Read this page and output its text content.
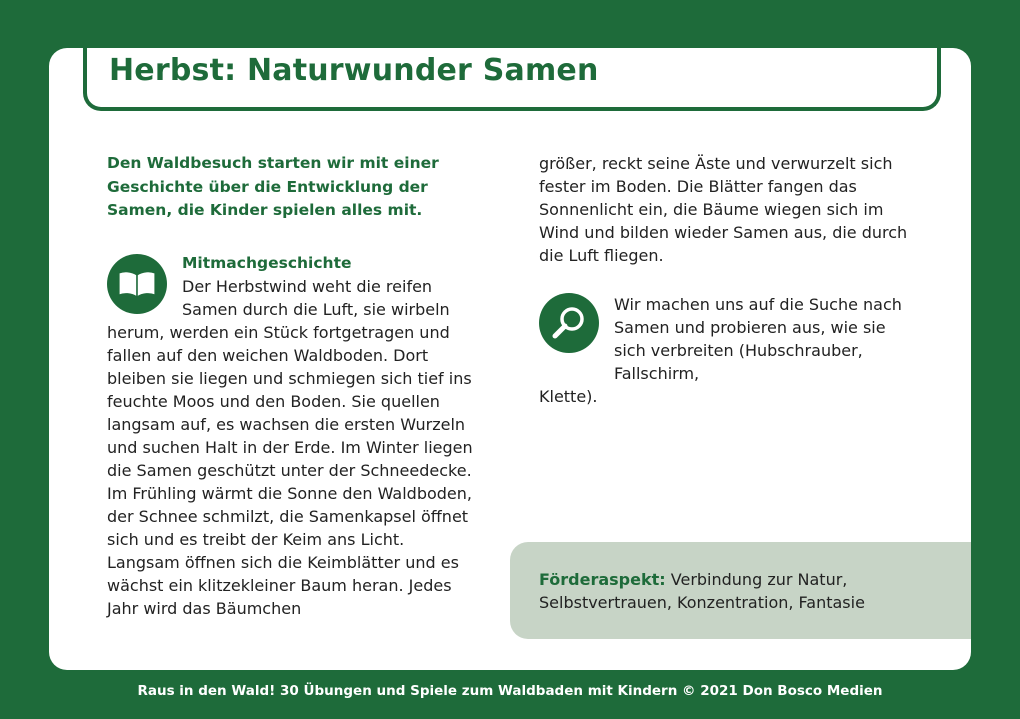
Herbst: Naturwunder Samen

Den Waldbesuch starten wir mit einer Geschichte über die Entwicklung der Samen, die Kinder spielen alles mit.

Mitmachgeschichte

Der Herbstwind weht die reifen Samen durch die Luft, sie wirbeln
herum, werden ein Stück fortgetragen und fallen auf den weichen Waldboden. Dort bleiben sie liegen und schmiegen sich tief ins feuchte Moos und den Boden. Sie quellen langsam auf, es wachsen die ersten Wurzeln und suchen Halt in der Erde. Im Winter liegen die Samen geschützt unter der Schneedecke. Im Frühling wärmt die Sonne den Waldboden, der Schnee schmilzt, die Samenkapsel öffnet sich und es treibt der Keim ans Licht. Langsam öffnen sich die Keimblätter und es wächst ein klitzekleiner Baum heran. Jedes Jahr wird das Bäumchen

größer, reckt seine Äste und verwurzelt sich fester im Boden. Die Blätter fangen das Sonnenlicht ein, die Bäume wiegen sich im Wind und bilden wieder Samen aus, die durch die Luft fliegen.

Wir machen uns auf die Suche nach Samen und probieren aus, wie sie sich verbreiten (Hubschrauber, Fallschirm,
Klette).

Förderaspekt: Verbindung zur Natur, Selbstvertrauen, Konzentration, Fantasie

Raus in den Wald! 30 Übungen und Spiele zum Waldbaden mit Kindern © 2021 Don Bosco Medien
